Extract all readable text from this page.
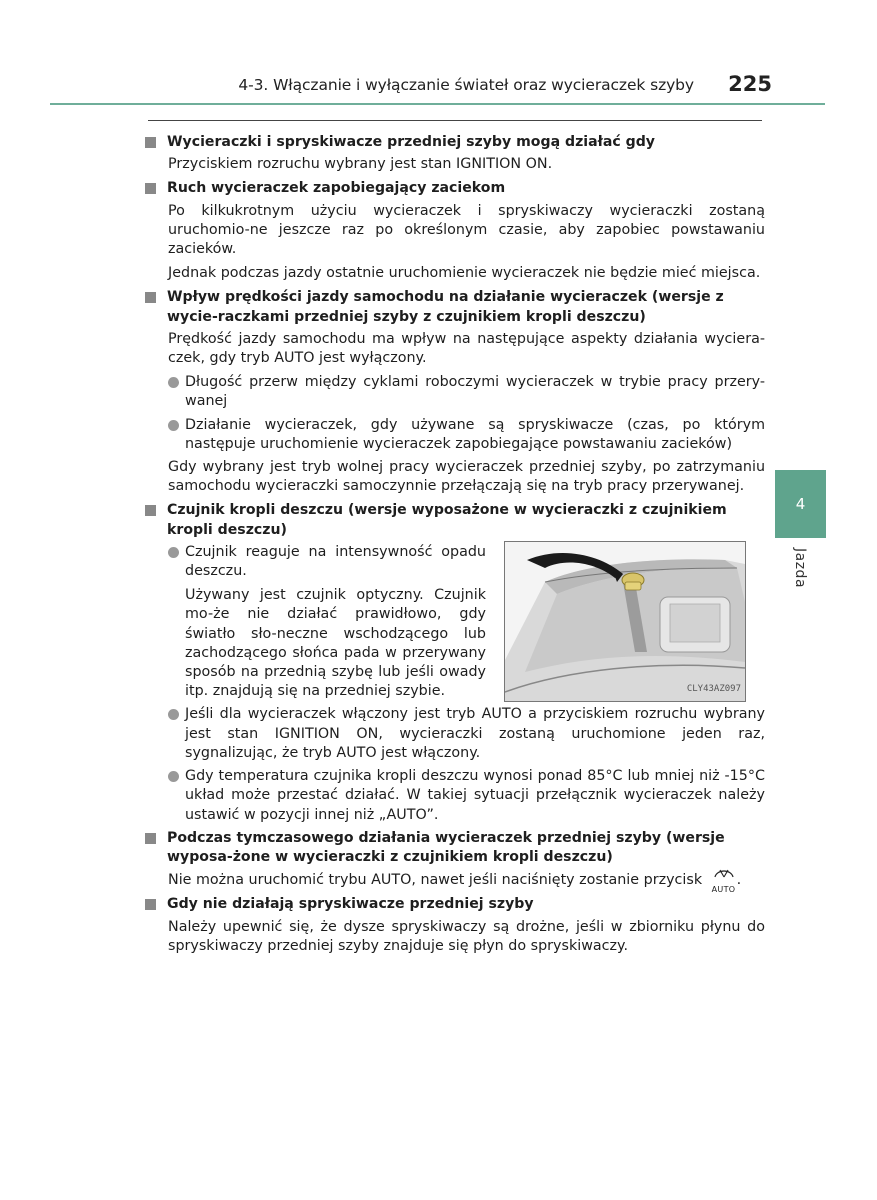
4-3. Włączanie i wyłączanie świateł oraz wycieraczek szyby 225
4
Jazda
Wycieraczki i spryskiwacze przedniej szyby mogą działać gdy

Przyciskiem rozruchu wybrany jest stan IGNITION ON.

Ruch wycieraczek zapobiegający zaciekom

Po kilkukrotnym użyciu wycieraczek i spryskiwaczy wycieraczki zostaną uruchomio-ne jeszcze raz po określonym czasie, aby zapobiec powstawaniu zacieków.

Jednak podczas jazdy ostatnie uruchomienie wycieraczek nie będzie mieć miejsca.

Wpływ prędkości jazdy samochodu na działanie wycieraczek (wersje z wycie-raczkami przedniej szyby z czujnikiem kropli deszczu)

Prędkość jazdy samochodu ma wpływ na następujące aspekty działania wyciera-czek, gdy tryb AUTO jest wyłączony.

Długość przerw między cyklami roboczymi wycieraczek w trybie pracy przery-wanej
Działanie wycieraczek, gdy używane są spryskiwacze (czas, po którym następuje uruchomienie wycieraczek zapobiegające powstawaniu zacieków)

Gdy wybrany jest tryb wolnej pracy wycieraczek przedniej szyby, po zatrzymaniu samochodu wycieraczki samoczynnie przełączają się na tryb pracy przerywanej.

Czujnik kropli deszczu (wersje wyposażone w wycieraczki z czujnikiem kropli deszczu)
Czujnik reaguje na intensywność opadu deszczu.
Używany jest czujnik optyczny. Czujnik mo-że nie działać prawidłowo, gdy światło sło-neczne wschodzącego lub zachodzącego słońca pada w przerywany sposób na przednią szybę lub jeśli owady itp. znajdują się na przedniej szybie.	CLY43AZ097
Jeśli dla wycieraczek włączony jest tryb AUTO a przyciskiem rozruchu wybrany jest stan IGNITION ON, wycieraczki zostaną uruchomione jeden raz, sygnalizując, że tryb AUTO jest włączony.
Gdy temperatura czujnika kropli deszczu wynosi ponad 85°C lub mniej niż -15°C układ może przestać działać. W takiej sytuacji przełącznik wycieraczek należy ustawić w pozycji innej niż „AUTO”.
Podczas tymczasowego działania wycieraczek przedniej szyby (wersje wyposa-żone w wycieraczki z czujnikiem kropli deszczu)

Nie można uruchomić trybu AUTO, nawet jeśli naciśnięty zostanie przycisk
AUTO
.

Gdy nie działają spryskiwacze przedniej szyby

Należy upewnić się, że dysze spryskiwaczy są drożne, jeśli w zbiorniku płynu do spryskiwaczy przedniej szyby znajduje się płyn do spryskiwaczy.
